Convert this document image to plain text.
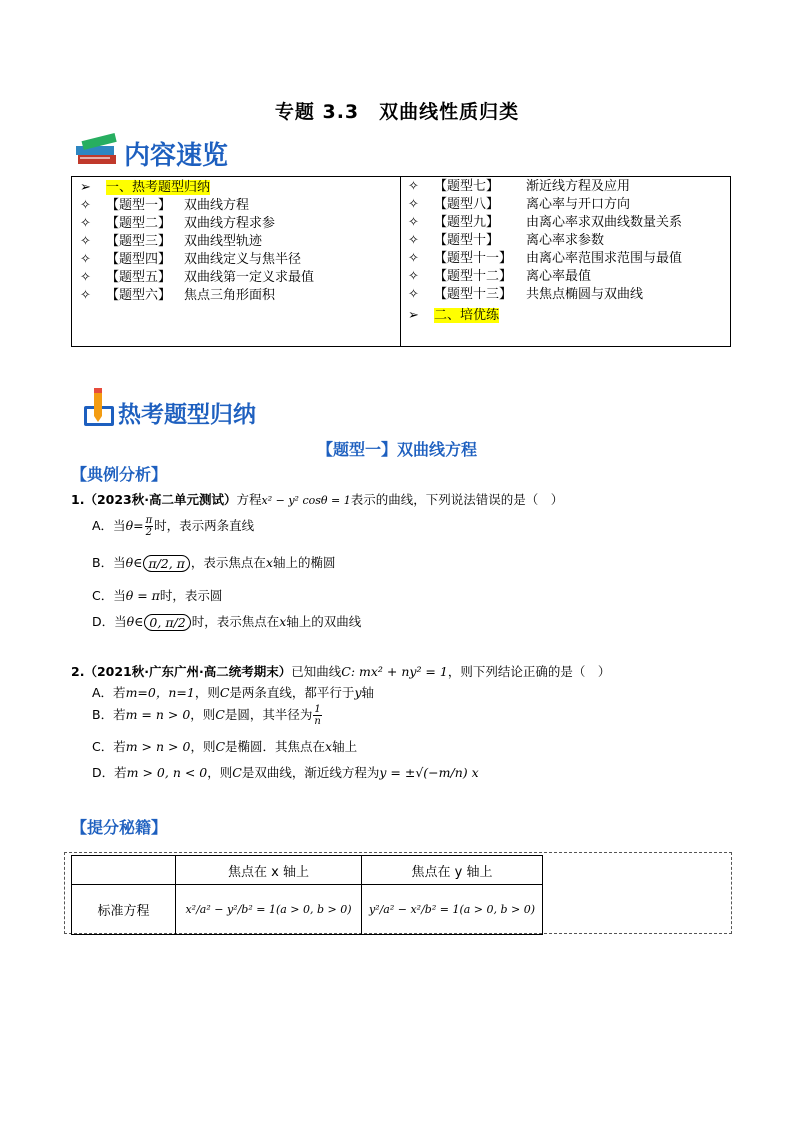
专题 3.3　双曲线性质归类
内容速览
➢ 一、热考题型归纳
✧ 【题型一】 双曲线方程
✧ 【题型二】 双曲线方程求参
✧ 【题型三】 双曲线型轨迹
✧ 【题型四】 双曲线定义与焦半径
✧ 【题型五】 双曲线第一定义求最值
✧ 【题型六】 焦点三角形面积
✧ 【题型七】 渐近线方程及应用
✧ 【题型八】 离心率与开口方向
✧ 【题型九】 由离心率求双曲线数量关系
✧ 【题型十】 离心率求参数
✧ 【题型十一】 由离心率范围求范围与最值
✧ 【题型十二】 离心率最值
✧ 【题型十三】 共焦点椭圆与双曲线
➢ 二、培优练
热考题型归纳
【题型一】双曲线方程
【典例分析】
1.（2023秋·高二单元测试）方程x² − y² cosθ = 1表示的曲线，下列说法错误的是（　）
A．当$\theta= \frac{\pi}{2}$ 时，表示两条直线
B．当θ∈ π/2, π ，表示焦点在x轴上的椭圆
C．当θ = π时，表示圆
D．当θ∈ 0, π/2 时，表示焦点在x轴上的双曲线
2.（2021秋·广东广州·高二统考期末）已知曲线C: mx² + ny² = 1，则下列结论正确的是（　）
A．若m=0，n=1，则C是两条直线，都平行于y轴
B．若m = n > 0，则C是圆，其半径为 $\frac{1}{n}$
C．若m > n > 0，则C是椭圆．其焦点在x轴上
D．若m > 0, n < 0，则C是双曲线，渐近线方程为y = ±√(−m/n) x
【提分秘籍】
	焦点在 x 轴上	焦点在 y 轴上
标准方程	x²/a² − y²/b² = 1(a > 0, b > 0)	y²/a² − x²/b² = 1(a > 0, b > 0)
